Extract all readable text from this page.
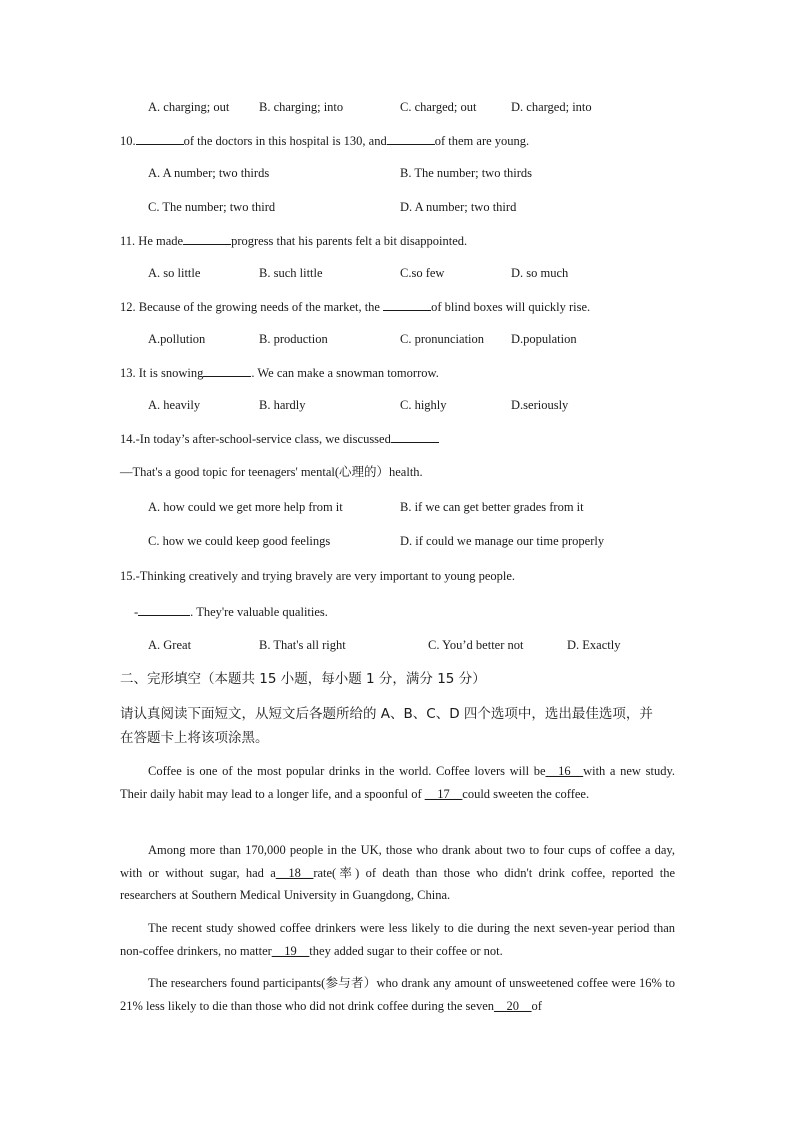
A. charging; out B. charging; into	C. charged; out	D. charged; into
10.	of the doctors in this hospital is 130, and	of them are young.
A. A number; two thirds	B. The number; two thirds
C. The number; two third	D. A number; two third
11. He made	progress that his parents felt a bit disappointed.
A. so little	B. such little	C.so few	D. so much
12. Because of the growing needs of the market, the	of blind boxes will quickly rise.
A.pollution	B. production	C. pronunciation D.population
13. It is snowing	. We can make a snowman tomorrow.
A. heavily	B. hardly	C. highly	D.seriously
14.-In today’s after-school-service class, we discussed
—That's a good topic for teenagers' mental(心理的）health.
A. how could we get more help from it	B. if we can get better grades from it
C. how we could keep good feelings	D. if could we manage our time properly
15.-Thinking creatively and trying bravely are very important to young people.
-	. They're valuable qualities.
A. Great	B. That's all right	C. You’d better not	D. Exactly
二、完形填空（本题共 15 小题，每小题 1 分，满分 15 分）
请认真阅读下面短文，从短文后各题所给的 A、B、C、D 四个选项中，选出最佳选项，并
在答题卡上将该项涂黑。
Coffee is one of the most popular drinks in the world. Coffee lovers will be__16__with a new study. Their daily habit may lead to a longer life, and a spoonful of __17__could sweeten the coffee.
Among more than 170,000 people in the UK, those who drank about two to four cups of coffee a day, with or without sugar, had a__18__rate(率) of death than those who didn't drink coffee, reported the researchers at Southern Medical University in Guangdong, China.
The recent study showed coffee drinkers were less likely to die during the next seven-year period than non-coffee drinkers, no matter__19__they added sugar to their coffee or not.
The researchers found participants(参与者）who drank any amount of unsweetened coffee were 16% to 21% less likely to die than those who did not drink coffee during the seven__20__of
